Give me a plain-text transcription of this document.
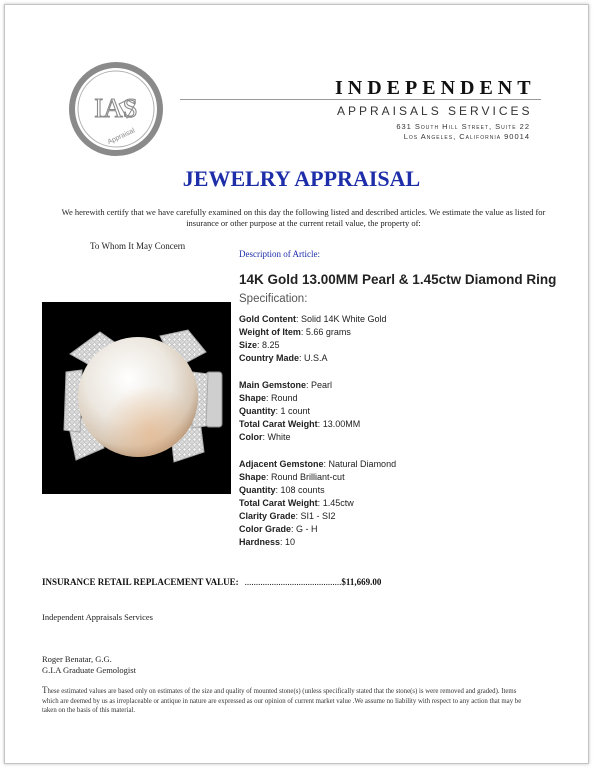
IAS
Appraisal
INDEPENDENT
APPRAISALS SERVICES
631 South Hill Street, Suite 22
Los Angeles, California 90014
JEWELRY APPRAISAL
We herewith certify that we have carefully examined on this day the following listed and described articles. We estimate the value as listed for insurance or other purpose at the current retail value, the property of:
To Whom It May Concern
Description of Article:
14K Gold 13.00MM Pearl & 1.45ctw Diamond Ring
Specification:
Gold Content: Solid 14K White Gold
Weight of Item: 5.66 grams
Size: 8.25
Country Made: U.S.A
Main Gemstone: Pearl
Shape: Round
Quantity: 1 count
Total Carat Weight: 13.00MM
Color: White
Adjacent Gemstone: Natural Diamond
Shape: Round Brilliant-cut
Quantity: 108 counts
Total Carat Weight: 1.45ctw
Clarity Grade: SI1 - SI2
Color Grade: G - H
Hardness: 10
INSURANCE RETAIL REPLACEMENT VALUE: ...........................................$11,669.00
Independent Appraisals Services
Roger Benatar, G.G.
G.I.A Graduate Gemologist
These estimated values are based only on estimates of the size and quality of mounted stone(s) (unless specifically stated that the stone(s) is were removed and graded). Items which are deemed by us as irreplaceable or antique in nature are expressed as our opinion of current market value .We assume no liability with respect to any action that may be taken on the basis of this material.
